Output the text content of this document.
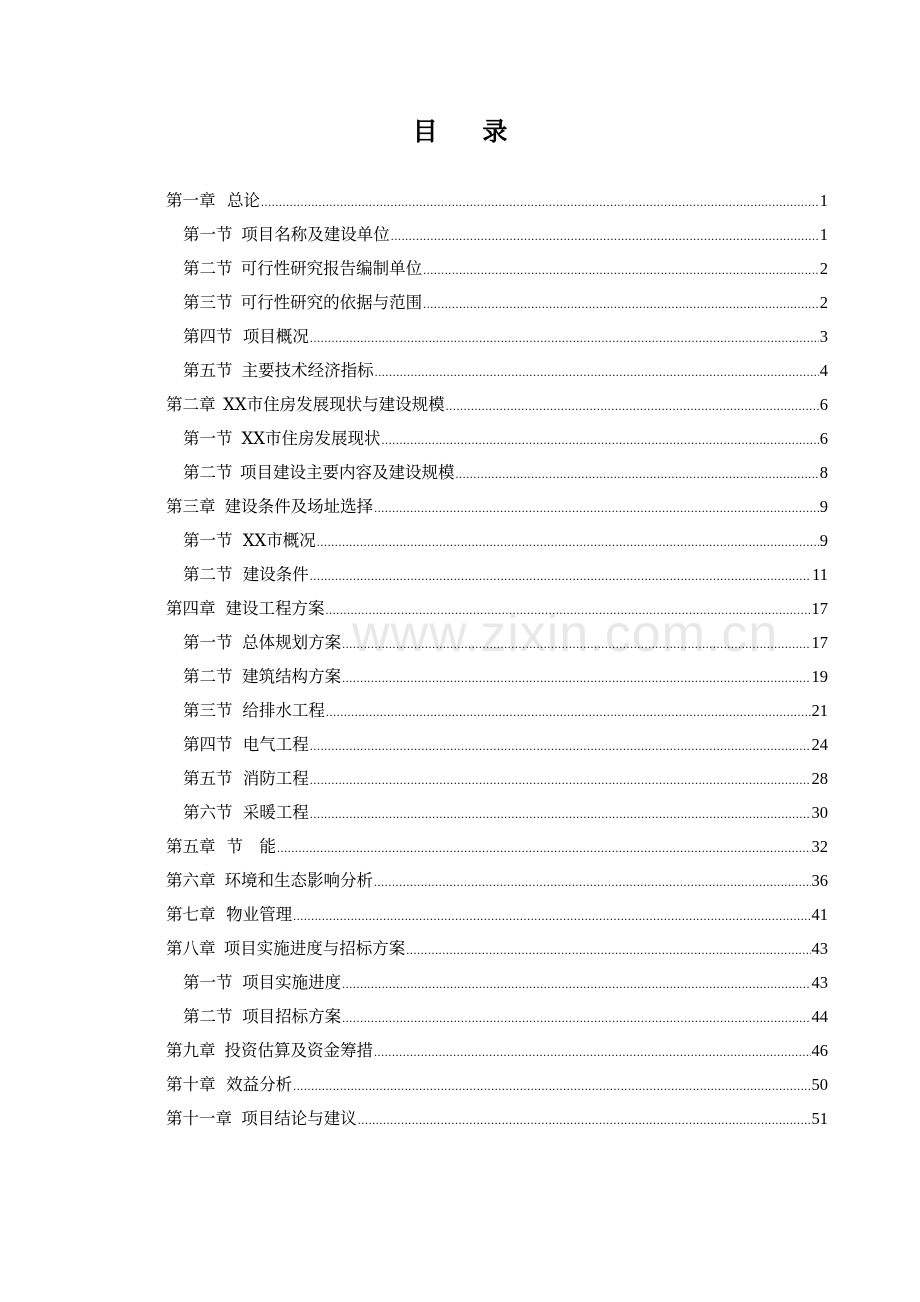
目 录
www.zixin.com.cn
第一章 总论 .....	1
第一节 项目名称及建设单位 .....	1
第二节 可行性研究报告编制单位 .....	2
第三节 可行性研究的依据与范围 .....	2
第四节 项目概况 .....	3
第五节 主要技术经济指标 .....	4
第二章 XX市住房发展现状与建设规模 .....	6
第一节 XX市住房发展现状 .....	6
第二节 项目建设主要内容及建设规模 .....	8
第三章 建设条件及场址选择 .....	9
第一节 XX市概况 .....	9
第二节 建设条件 .....	11
第四章 建设工程方案 .....	17
第一节 总体规划方案 .....	17
第二节 建筑结构方案 .....	19
第三节 给排水工程 .....	21
第四节 电气工程 .....	24
第五节 消防工程 .....	28
第六节 采暖工程 .....	30
第五章 节　能 .....	32
第六章 环境和生态影响分析 .....	36
第七章 物业管理 .....	41
第八章 项目实施进度与招标方案 .....	43
第一节 项目实施进度 .....	43
第二节 项目招标方案 .....	44
第九章 投资估算及资金筹措 .....	46
第十章 效益分析 .....	50
第十一章 项目结论与建议 .....	51
